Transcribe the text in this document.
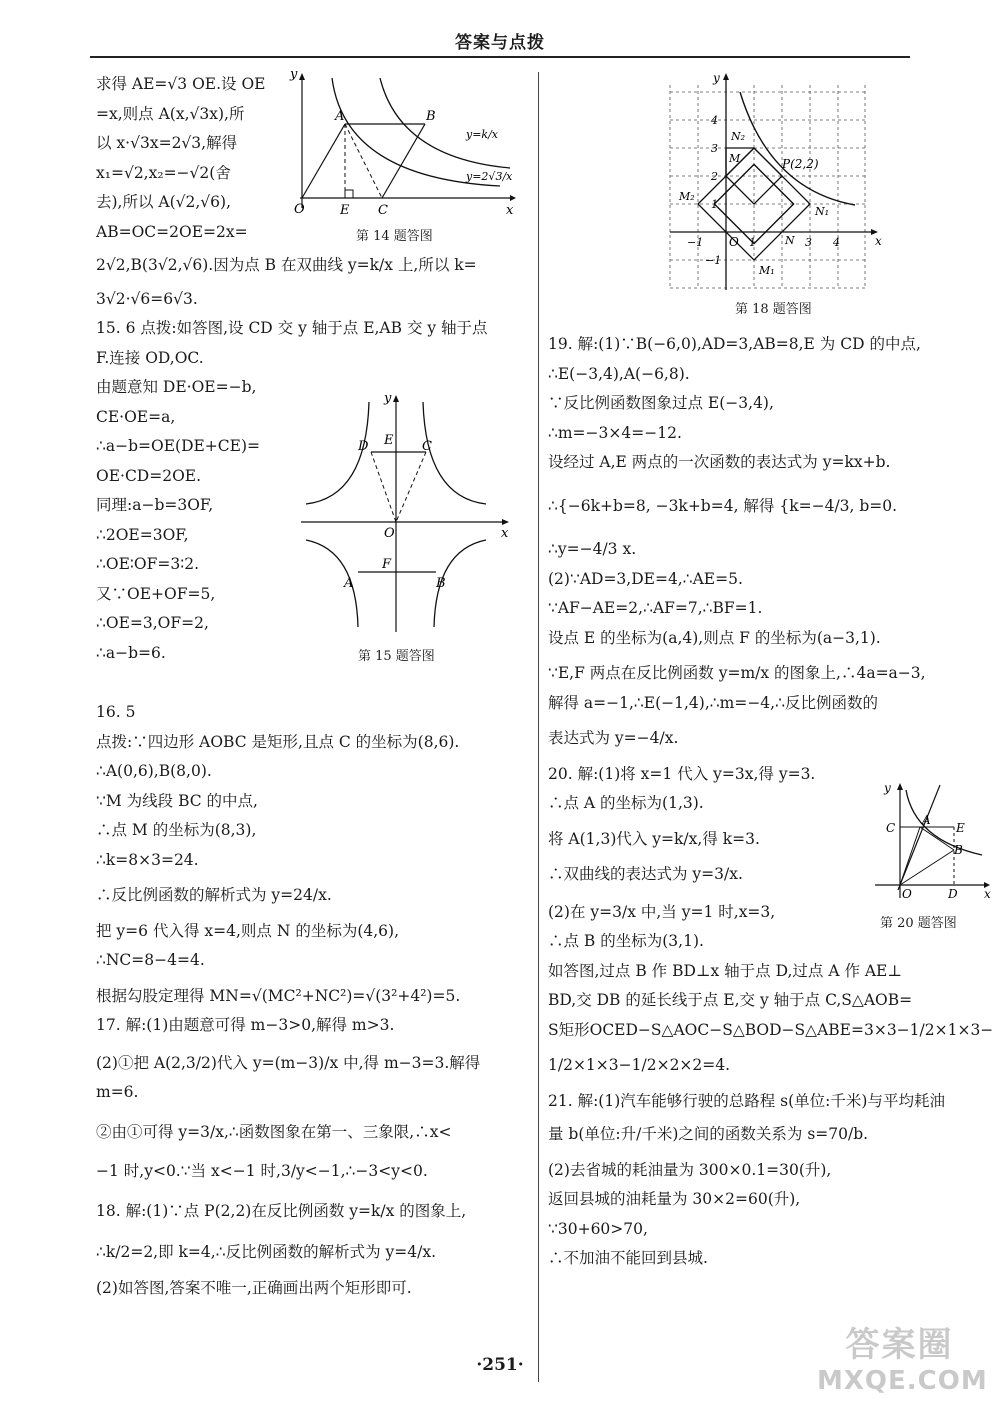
答案与点拨
求得 AE=√3 OE.设 OE
=x,则点 A(x,√3x),所
以 x·√3x=2√3,解得
x₁=√2,x₂=−√2(舍
去),所以 A(√2,√6),
AB=OC=2OE=2x=
2√2,B(3√2,√6).因为点 B 在双曲线 y=k/x 上,所以 k=
3√2·√6=6√3.
15. 6 点拨:如答图,设 CD 交 y 轴于点 E,AB 交 y 轴于点
F.连接 OD,OC.
由题意知 DE·OE=−b,
CE·OE=a,
∴a−b=OE(DE+CE)=
OE·CD=2OE.
同理:a−b=3OF,
∴2OE=3OF,
∴OE∶OF=3∶2.
又∵OE+OF=5,
∴OE=3,OF=2,
∴a−b=6.
16. 5
点拨:∵四边形 AOBC 是矩形,且点 C 的坐标为(8,6).
∴A(0,6),B(8,0).
∵M 为线段 BC 的中点,
∴点 M 的坐标为(8,3),
∴k=8×3=24.
∴反比例函数的解析式为 y=24/x.
把 y=6 代入得 x=4,则点 N 的坐标为(4,6),
∴NC=8−4=4.
根据勾股定理得 MN=√(MC²+NC²)=√(3²+4²)=5.
17. 解:(1)由题意可得 m−3>0,解得 m>3.
(2)①把 A(2,3/2)代入 y=(m−3)/x 中,得 m−3=3.解得
m=6.
②由①可得 y=3/x,∴函数图象在第一、三象限,∴x<
−1 时,y<0.∵当 x<−1 时,3/y<−1,∴−3<y<0.
18. 解:(1)∵点 P(2,2)在反比例函数 y=k/x 的图象上,
∴k/2=2,即 k=4,∴反比例函数的解析式为 y=4/x.
(2)如答图,答案不唯一,正确画出两个矩形即可.
y
x
O	E C
A	B
y=k/x
y=2√3/x
第 14 题答图
y
x
O
D E C
A
F
B
第 15 题答图
y
x
O
P(2,2)
N₂
M
M₂
N₁
N
M₁
4
3
2
1
−1	1	3 4
−1
第 18 题答图
y
x
O
C
A
E
B
D
第 20 题答图
19. 解:(1)∵B(−6,0),AD=3,AB=8,E 为 CD 的中点,
∴E(−3,4),A(−6,8).
∵反比例函数图象过点 E(−3,4),
∴m=−3×4=−12.
设经过 A,E 两点的一次函数的表达式为 y=kx+b.
∴{−6k+b=8, −3k+b=4, 解得 {k=−4/3, b=0.
∴y=−4/3 x.
(2)∵AD=3,DE=4,∴AE=5.
∵AF−AE=2,∴AF=7,∴BF=1.
设点 E 的坐标为(a,4),则点 F 的坐标为(a−3,1).
∵E,F 两点在反比例函数 y=m/x 的图象上,∴4a=a−3,
解得 a=−1,∴E(−1,4),∴m=−4,∴反比例函数的
表达式为 y=−4/x.
20. 解:(1)将 x=1 代入 y=3x,得 y=3.
∴点 A 的坐标为(1,3).
将 A(1,3)代入 y=k/x,得 k=3.
∴双曲线的表达式为 y=3/x.
(2)在 y=3/x 中,当 y=1 时,x=3,
∴点 B 的坐标为(3,1).
如答图,过点 B 作 BD⊥x 轴于点 D,过点 A 作 AE⊥
BD,交 DB 的延长线于点 E,交 y 轴于点 C,S△AOB=
S矩形OCED−S△AOC−S△BOD−S△ABE=3×3−1/2×1×3−
1/2×1×3−1/2×2×2=4.
21. 解:(1)汽车能够行驶的总路程 s(单位:千米)与平均耗油
量 b(单位:升/千米)之间的函数关系为 s=70/b.
(2)去省城的耗油量为 300×0.1=30(升),
返回县城的油耗量为 30×2=60(升),
∵30+60>70,
∴不加油不能回到县城.
·251·	答案圈
MXQE.COM
